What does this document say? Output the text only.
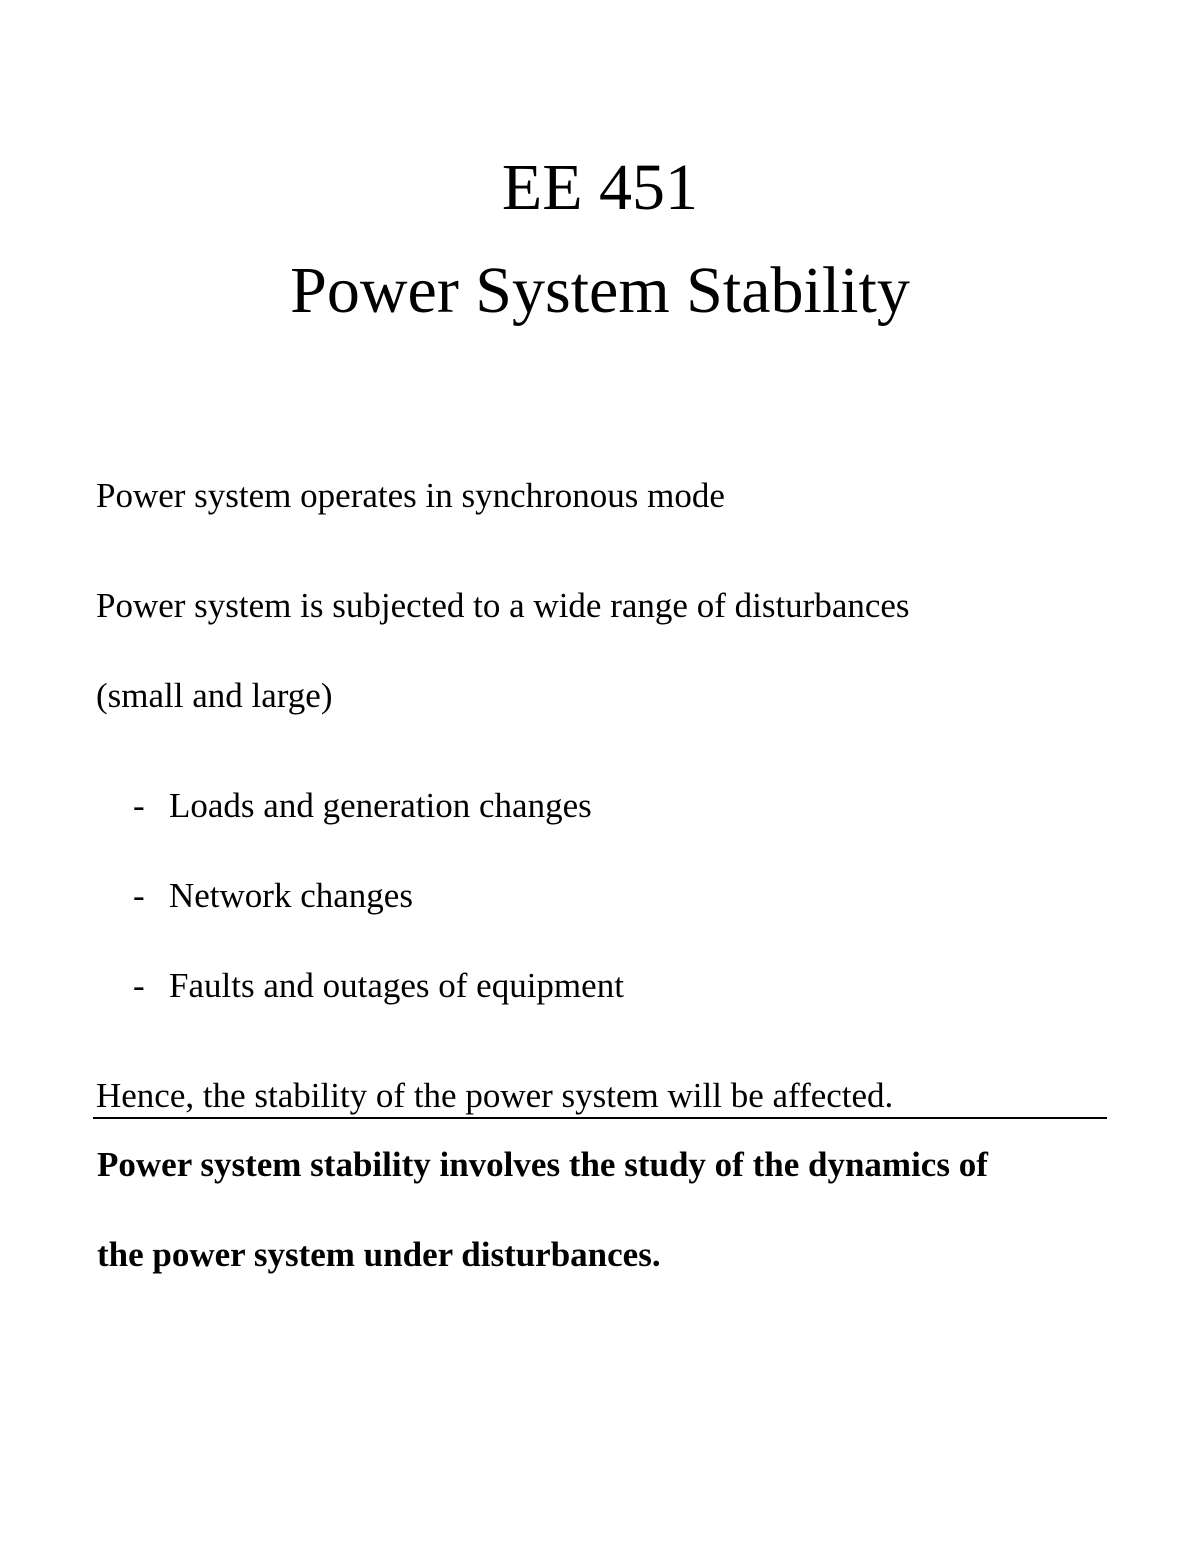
EE 451
Power System Stability
Power system operates in synchronous mode
Power system is subjected to a wide range of disturbances
(small and large)
- Loads and generation changes
- Network changes
- Faults and outages of equipment
Hence, the stability of the power system will be affected.
Power system stability involves the study of the dynamics of
the power system under disturbances.
